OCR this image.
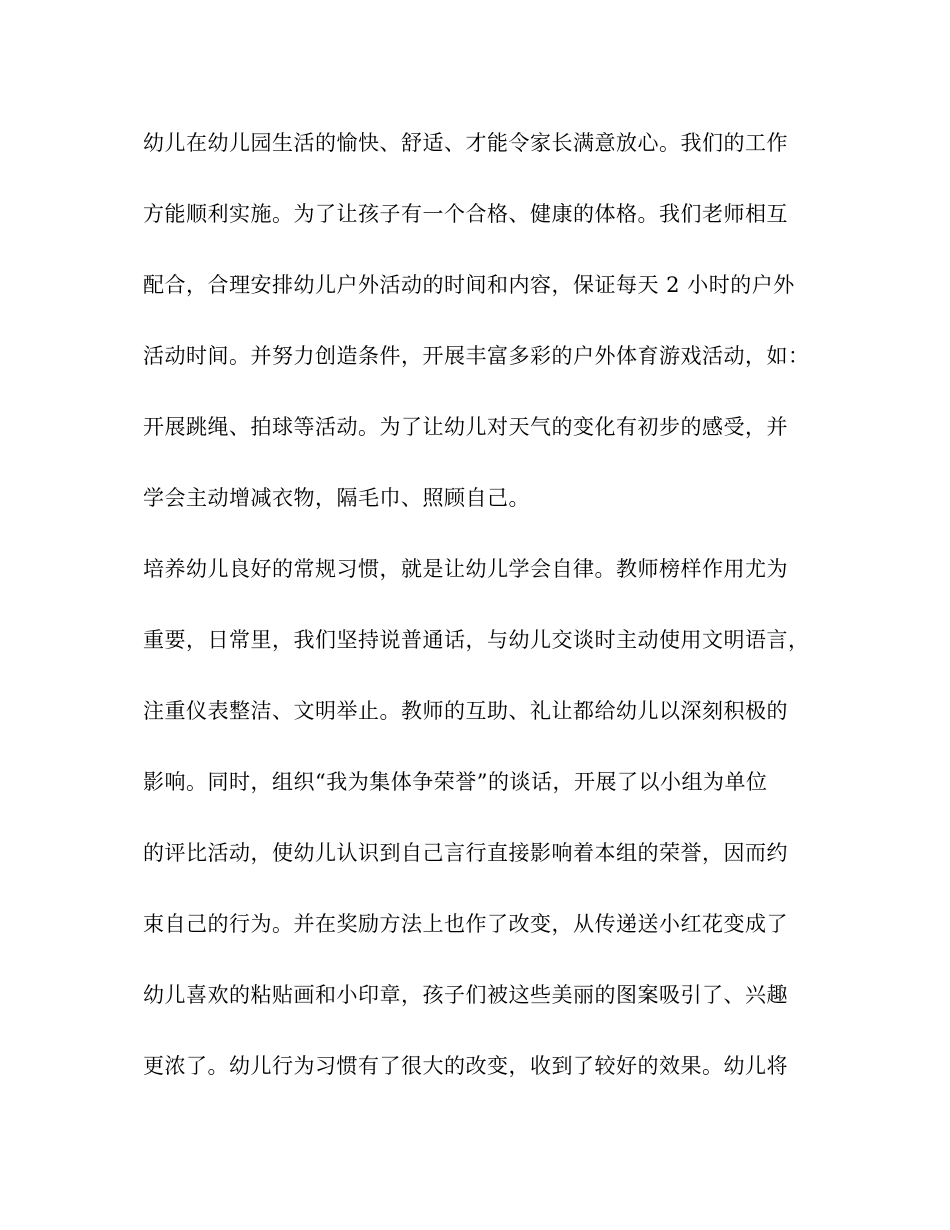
幼儿在幼儿园生活的愉快、舒适、才能令家长满意放心。我们的工作
方能顺利实施。为了让孩子有一个合格、健康的体格。我们老师相互
配合，合理安排幼儿户外活动的时间和内容，保证每天 2 小时的户外
活动时间。并努力创造条件，开展丰富多彩的户外体育游戏活动，如：
开展跳绳、拍球等活动。为了让幼儿对天气的变化有初步的感受，并
学会主动增减衣物，隔毛巾、照顾自己。
培养幼儿良好的常规习惯，就是让幼儿学会自律。教师榜样作用尤为
重要，日常里，我们坚持说普通话，与幼儿交谈时主动使用文明语言，
注重仪表整洁、文明举止。教师的互助、礼让都给幼儿以深刻积极的
影响。同时，组织“我为集体争荣誉”的谈话，开展了以小组为单位
的评比活动，使幼儿认识到自己言行直接影响着本组的荣誉，因而约
束自己的行为。并在奖励方法上也作了改变，从传递送小红花变成了
幼儿喜欢的粘贴画和小印章，孩子们被这些美丽的图案吸引了、兴趣
更浓了。幼儿行为习惯有了很大的改变，收到了较好的效果。幼儿将
